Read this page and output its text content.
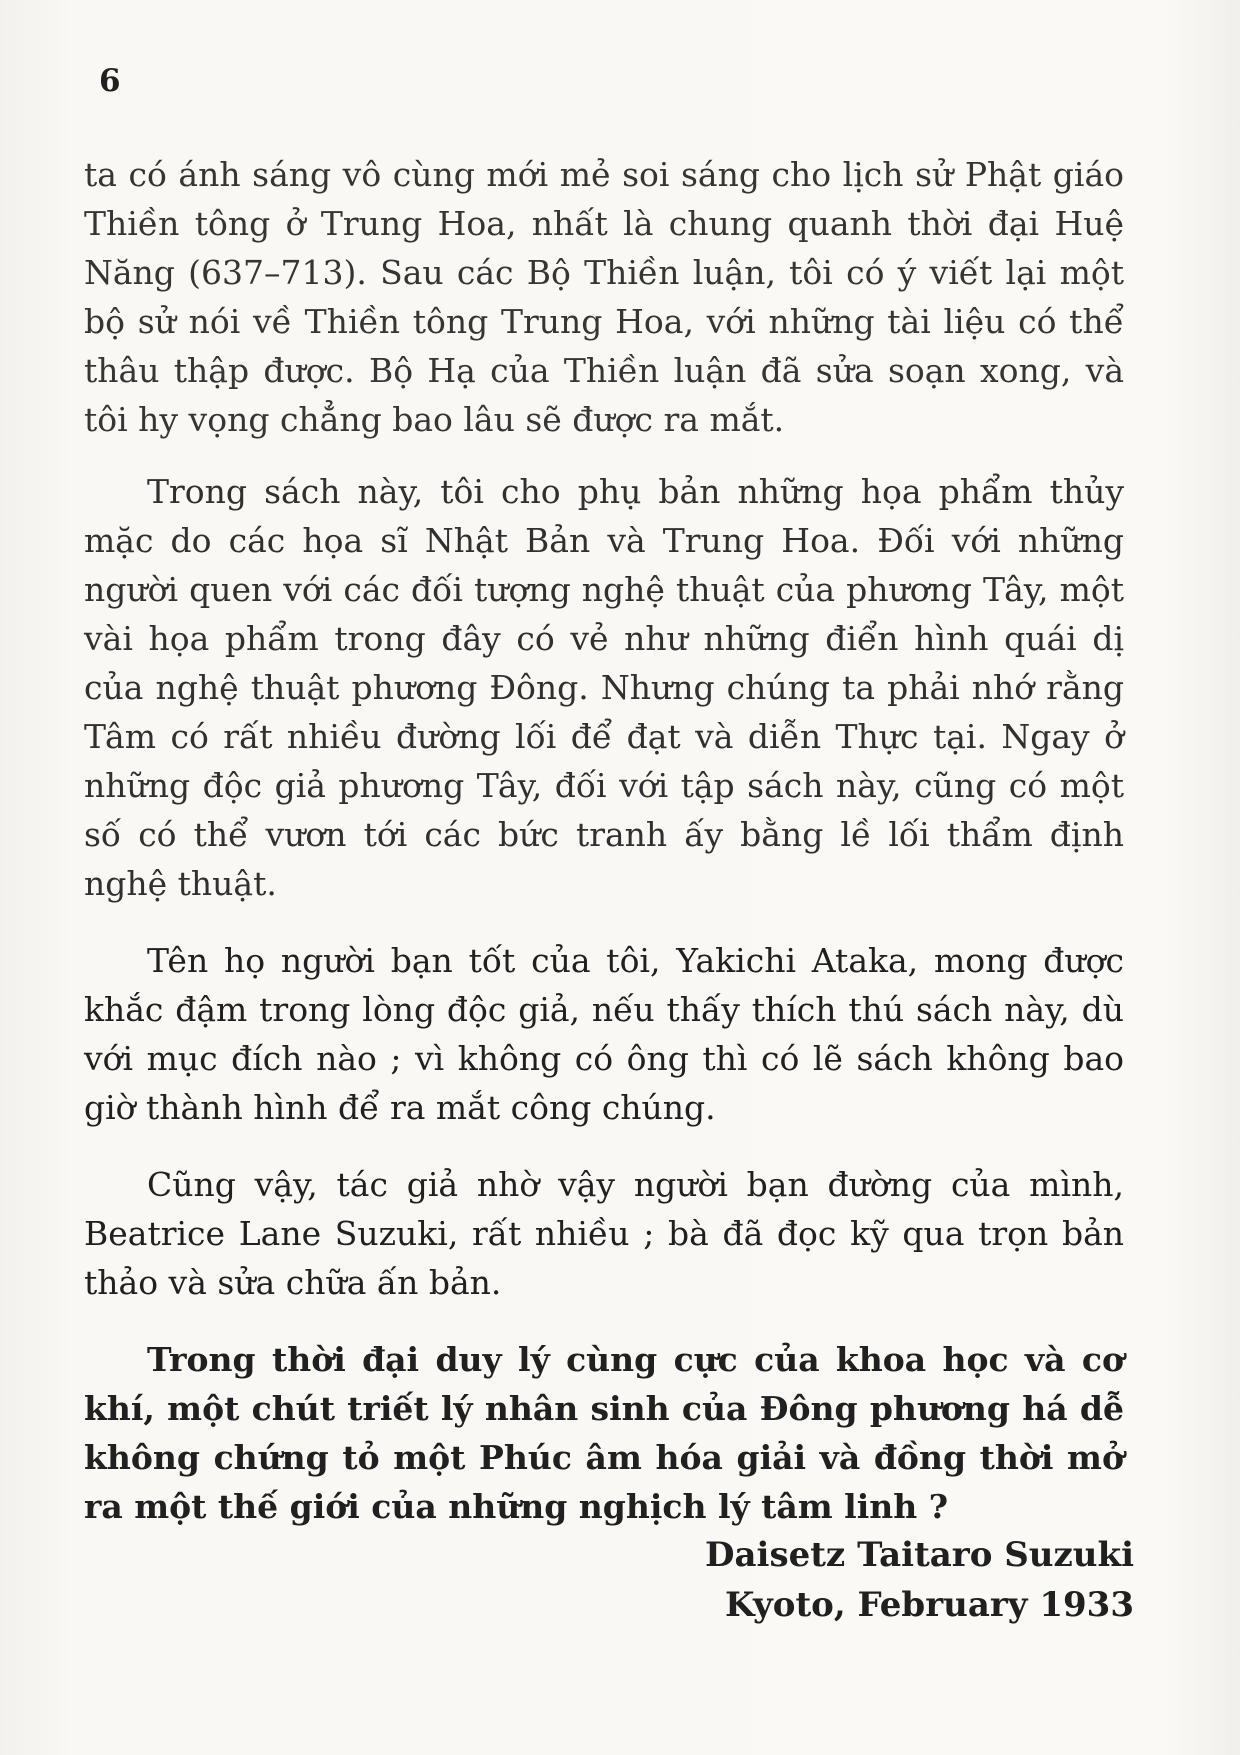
6

ta có ánh sáng vô cùng mới mẻ soi sáng cho lịch sử Phật giáo Thiền tông ở Trung Hoa, nhất là chung quanh thời đại Huệ Năng (637–713). Sau các Bộ Thiền luận, tôi có ý viết lại một bộ sử nói về Thiền tông Trung Hoa, với những tài liệu có thể thâu thập được. Bộ Hạ của Thiền luận đã sửa soạn xong, và tôi hy vọng chẳng bao lâu sẽ được ra mắt.

Trong sách này, tôi cho phụ bản những họa phẩm thủy mặc do các họa sĩ Nhật Bản và Trung Hoa. Đối với những người quen với các đối tượng nghệ thuật của phương Tây, một vài họa phẩm trong đây có vẻ như những điển hình quái dị của nghệ thuật phương Đông. Nhưng chúng ta phải nhớ rằng Tâm có rất nhiều đường lối để đạt và diễn Thực tại. Ngay ở những độc giả phương Tây, đối với tập sách này, cũng có một số có thể vươn tới các bức tranh ấy bằng lề lối thẩm định nghệ thuật.

Tên họ người bạn tốt của tôi, Yakichi Ataka, mong được khắc đậm trong lòng độc giả, nếu thấy thích thú sách này, dù với mục đích nào ; vì không có ông thì có lẽ sách không bao giờ thành hình để ra mắt công chúng.

Cũng vậy, tác giả nhờ vậy người bạn đường của mình, Beatrice Lane Suzuki, rất nhiều ; bà đã đọc kỹ qua trọn bản thảo và sửa chữa ấn bản.

Trong thời đại duy lý cùng cực của khoa học và cơ khí, một chút triết lý nhân sinh của Đông phương há dễ không chứng tỏ một Phúc âm hóa giải và đồng thời mở ra một thế giới của những nghịch lý tâm linh ?

Daisetz Taitaro Suzuki
Kyoto, February 1933
